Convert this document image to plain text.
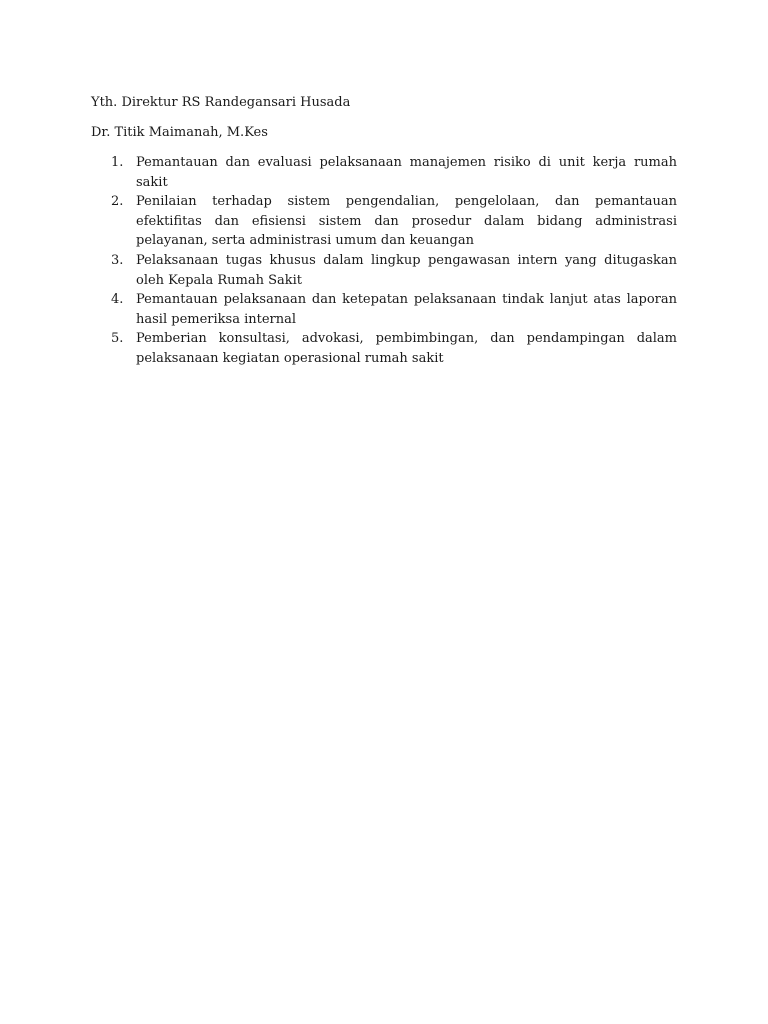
Yth. Direktur RS Randegansari Husada

Dr. Titik Maimanah, M.Kes

1. Pemantauan dan evaluasi pelaksanaan manajemen risiko di unit kerja rumah sakit
2. Penilaian terhadap sistem pengendalian, pengelolaan, dan pemantauan efektifitas dan efisiensi sistem dan prosedur dalam bidang administrasi pelayanan, serta administrasi umum dan keuangan
3. Pelaksanaan tugas khusus dalam lingkup pengawasan intern yang ditugaskan oleh Kepala Rumah Sakit
4. Pemantauan pelaksanaan dan ketepatan pelaksanaan tindak lanjut atas laporan hasil pemeriksa internal
5. Pemberian konsultasi, advokasi, pembimbingan, dan pendampingan dalam pelaksanaan kegiatan operasional rumah sakit
